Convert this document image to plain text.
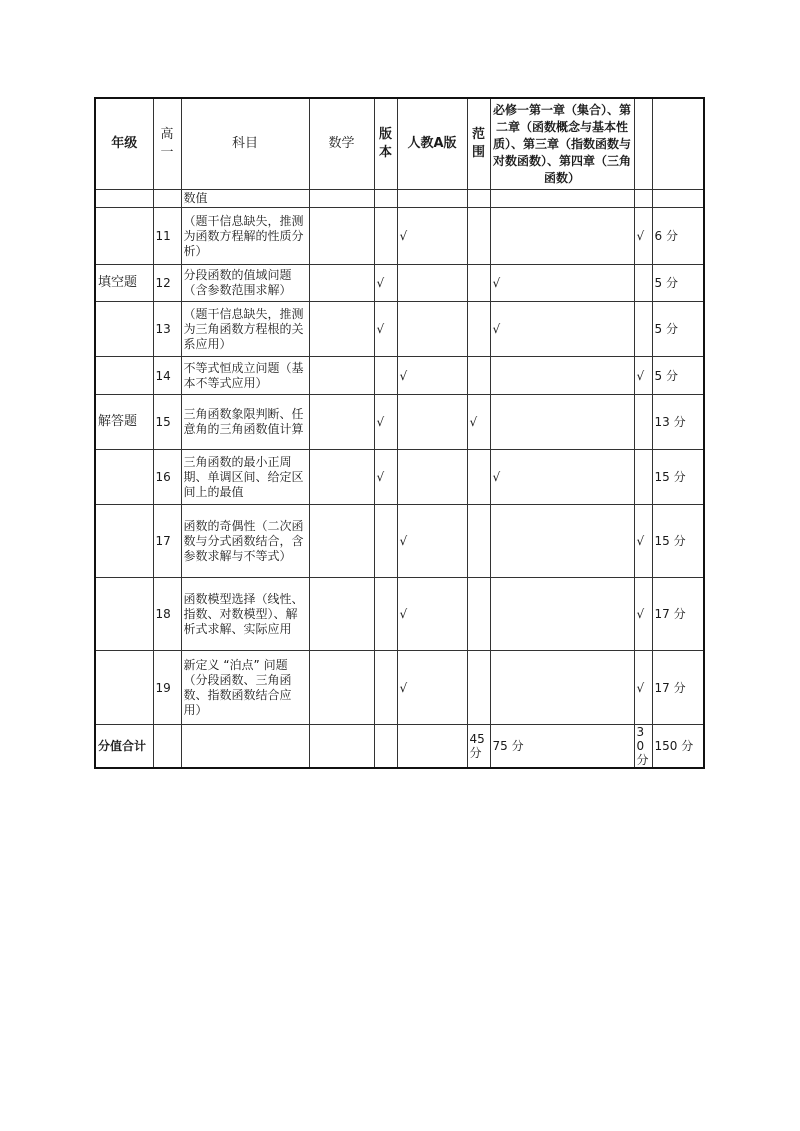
年级	高一	科目	数学	版本	人教A版	范围	必修一第一章（集合）、第二章（函数概念与基本性质）、第三章（指数函数与对数函数）、第四章（三角函数）		
		数值							
	11	（题干信息缺失，推测为函数方程解的性质分析）			√			√	6 分
填空题	12	分段函数的值域问题（含参数范围求解）		√			√		5 分
	13	（题干信息缺失，推测为三角函数方程根的关系应用）		√			√		5 分
	14	不等式恒成立问题（基本不等式应用）			√			√	5 分
解答题	15	三角函数象限判断、任意角的三角函数值计算		√		√			13 分
	16	三角函数的最小正周期、单调区间、给定区间上的最值		√			√		15 分
	17	函数的奇偶性（二次函数与分式函数结合，含参数求解与不等式）			√			√	15 分
	18	函数模型选择（线性、指数、对数模型）、解析式求解、实际应用			√			√	17 分
	19	新定义 “泊点” 问题（分段函数、三角函数、指数函数结合应用）			√			√	17 分
分值合计						45分	75 分	30分	150 分
